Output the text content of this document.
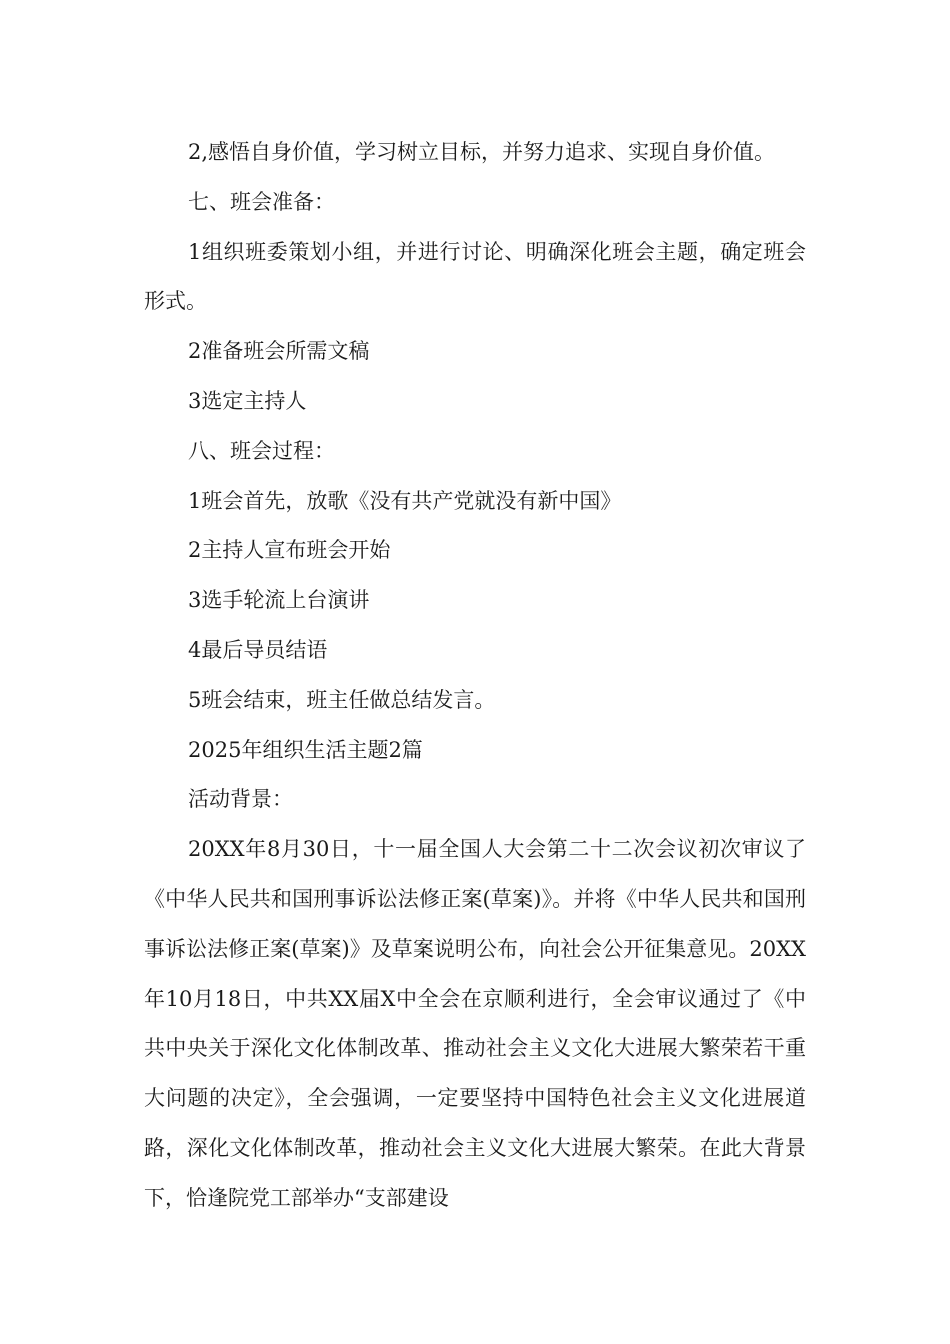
2,感悟自身价值，学习树立目标，并努力追求、实现自身价值。

七、班会准备：

1组织班委策划小组，并进行讨论、明确深化班会主题，确定班会形式。

2准备班会所需文稿

3选定主持人

八、班会过程：

1班会首先，放歌《没有共产党就没有新中国》

2主持人宣布班会开始

3选手轮流上台演讲

4最后导员结语

5班会结束，班主任做总结发言。

2025年组织生活主题2篇

活动背景：

20XX年8月30日，十一届全国人大会第二十二次会议初次审议了《中华人民共和国刑事诉讼法修正案(草案)》。并将《中华人民共和国刑事诉讼法修正案(草案)》及草案说明公布，向社会公开征集意见。20XX年10月18日，中共XX届X中全会在京顺利进行，全会审议通过了《中共中央关于深化文化体制改革、推动社会主义文化大进展大繁荣若干重大问题的决定》，全会强调，一定要坚持中国特色社会主义文化进展道路，深化文化体制改革，推动社会主义文化大进展大繁荣。在此大背景下，恰逢院党工部举办“支部建设
